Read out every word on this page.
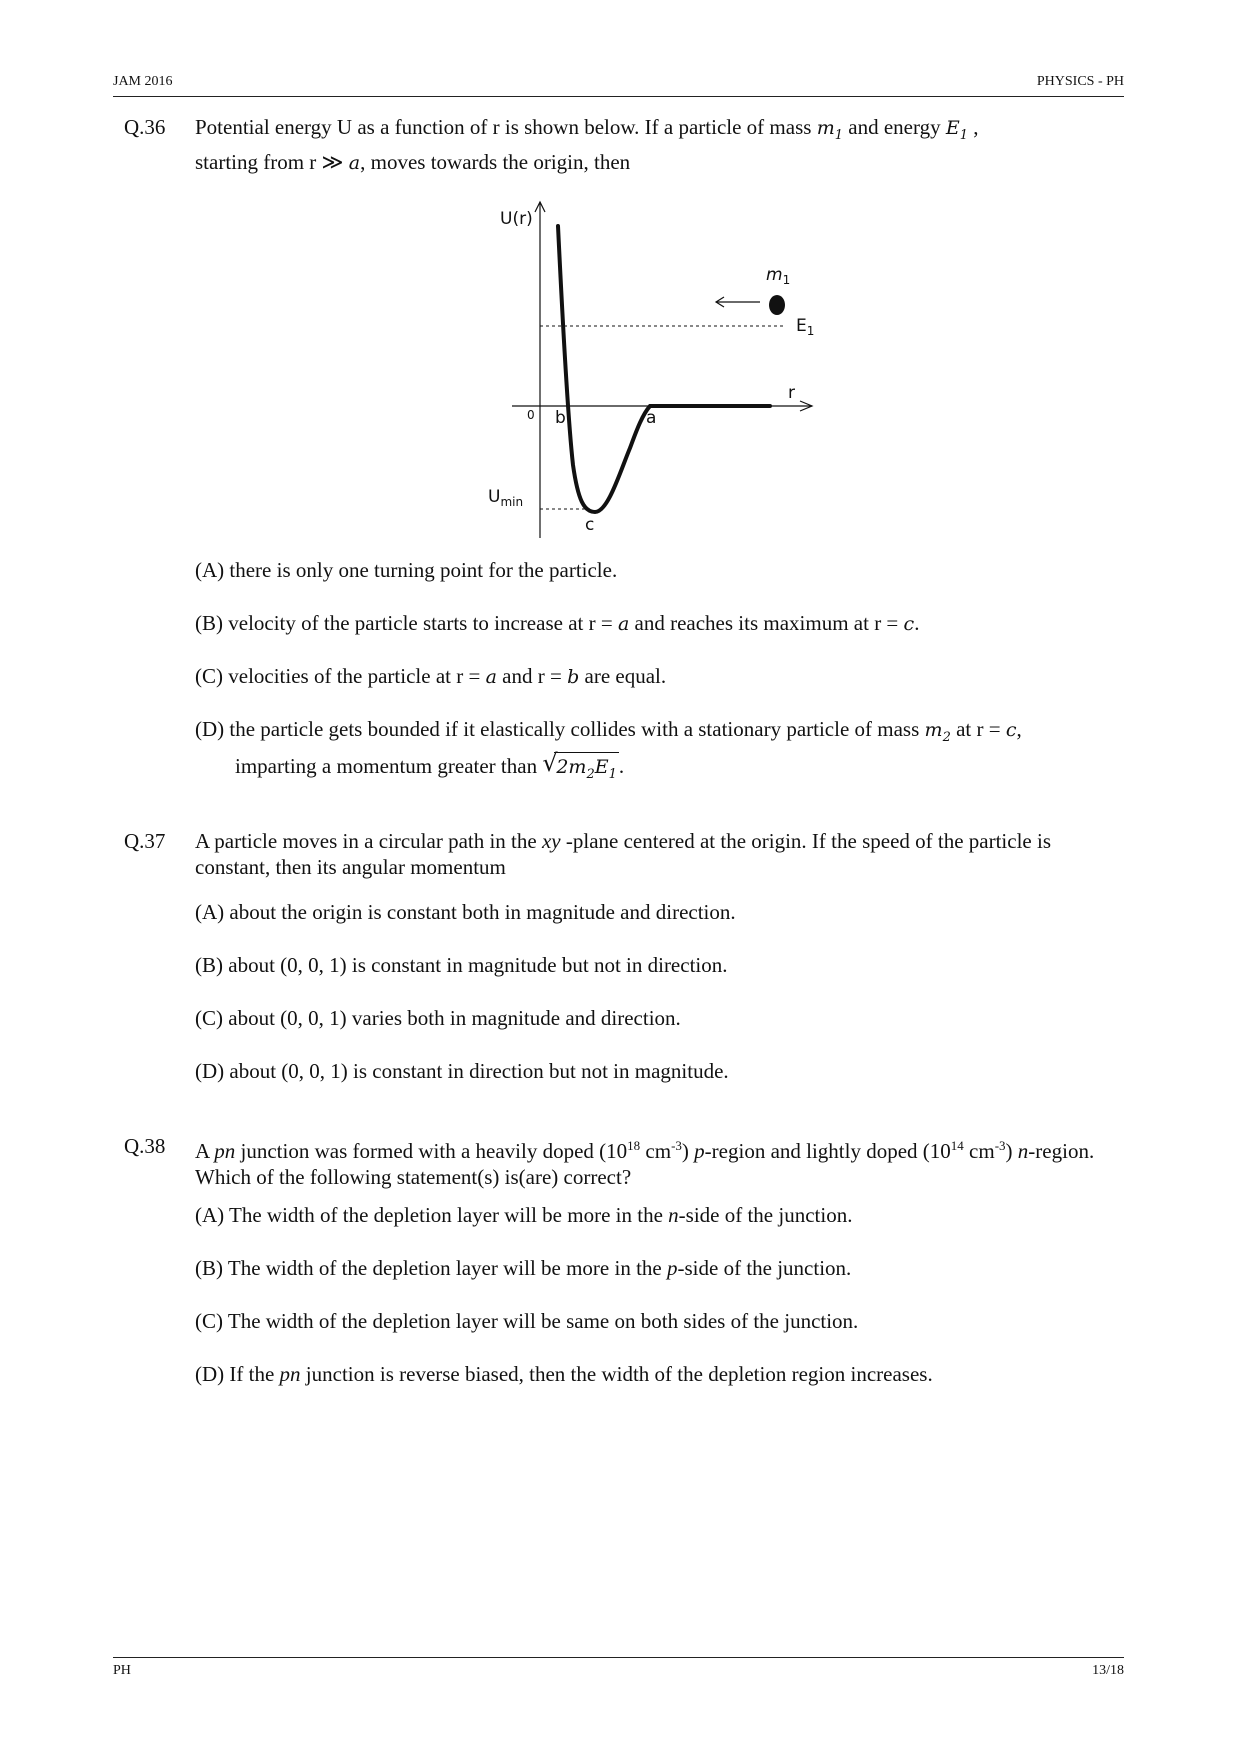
JAM 2016	PHYSICS - PH
Q.36 Potential energy U as a function of r is shown below. If a particle of mass $m_1$ and energy $E_1$ ,
starting from r ≫ a, moves towards the origin, then
U(r)
r
0 b	a
c
$U_{min}$
$m_1$
$E_1$
(A) there is only one turning point for the particle.
(B) velocity of the particle starts to increase at r = a and reaches its maximum at r = c.
(C) velocities of the particle at r = a and r = b are equal.
(D) the particle gets bounded if it elastically collides with a stationary particle of mass $m_2$ at r = c,
imparting a momentum greater than √
$2m_2E_1$.
Q.37 A particle moves in a circular path in the xy -plane centered at the origin. If the speed of the particle is constant, then its angular momentum
(A) about the origin is constant both in magnitude and direction.
(B) about (0, 0, 1) is constant in magnitude but not in direction.
(C) about (0, 0, 1) varies both in magnitude and direction.
(D) about (0, 0, 1) is constant in direction but not in magnitude.
Q.38 A pn junction was formed with a heavily doped ($10^{18}$ $cm^{-3}$) p-region and lightly doped ($10^{14}$ $cm^{-3}$) n-region. Which of the following statement(s) is(are) correct?
(A) The width of the depletion layer will be more in the n-side of the junction.
(B) The width of the depletion layer will be more in the p-side of the junction.
(C) The width of the depletion layer will be same on both sides of the junction.
(D) If the pn junction is reverse biased, then the width of the depletion region increases.
PH	13/18
